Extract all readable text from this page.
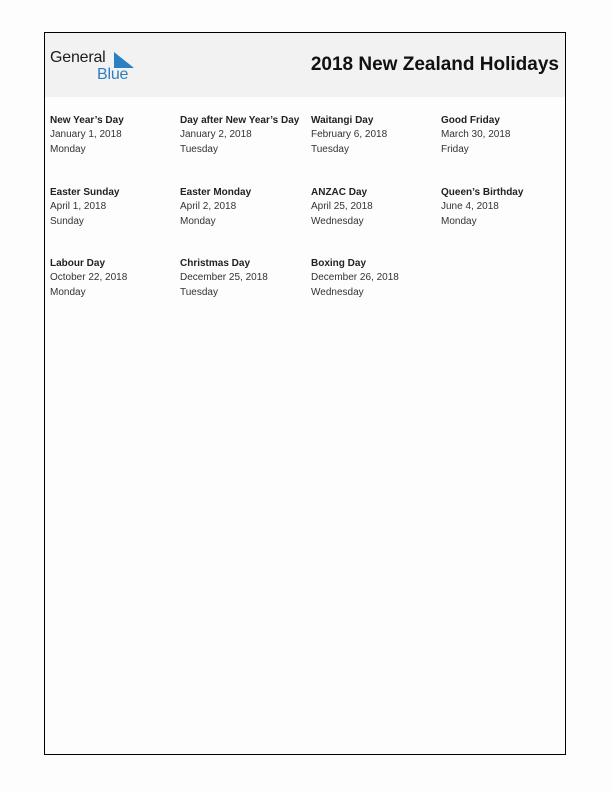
General
Blue	2018 New Zealand Holidays
New Year’s Day
January 1, 2018
Monday
Day after New Year’s Day
January 2, 2018
Tuesday
Waitangi Day
February 6, 2018
Tuesday
Good Friday
March 30, 2018
Friday
Easter Sunday
April 1, 2018
Sunday
Easter Monday
April 2, 2018
Monday
ANZAC Day
April 25, 2018
Wednesday
Queen’s Birthday
June 4, 2018
Monday
Labour Day
October 22, 2018
Monday
Christmas Day
December 25, 2018
Tuesday
Boxing Day
December 26, 2018
Wednesday
